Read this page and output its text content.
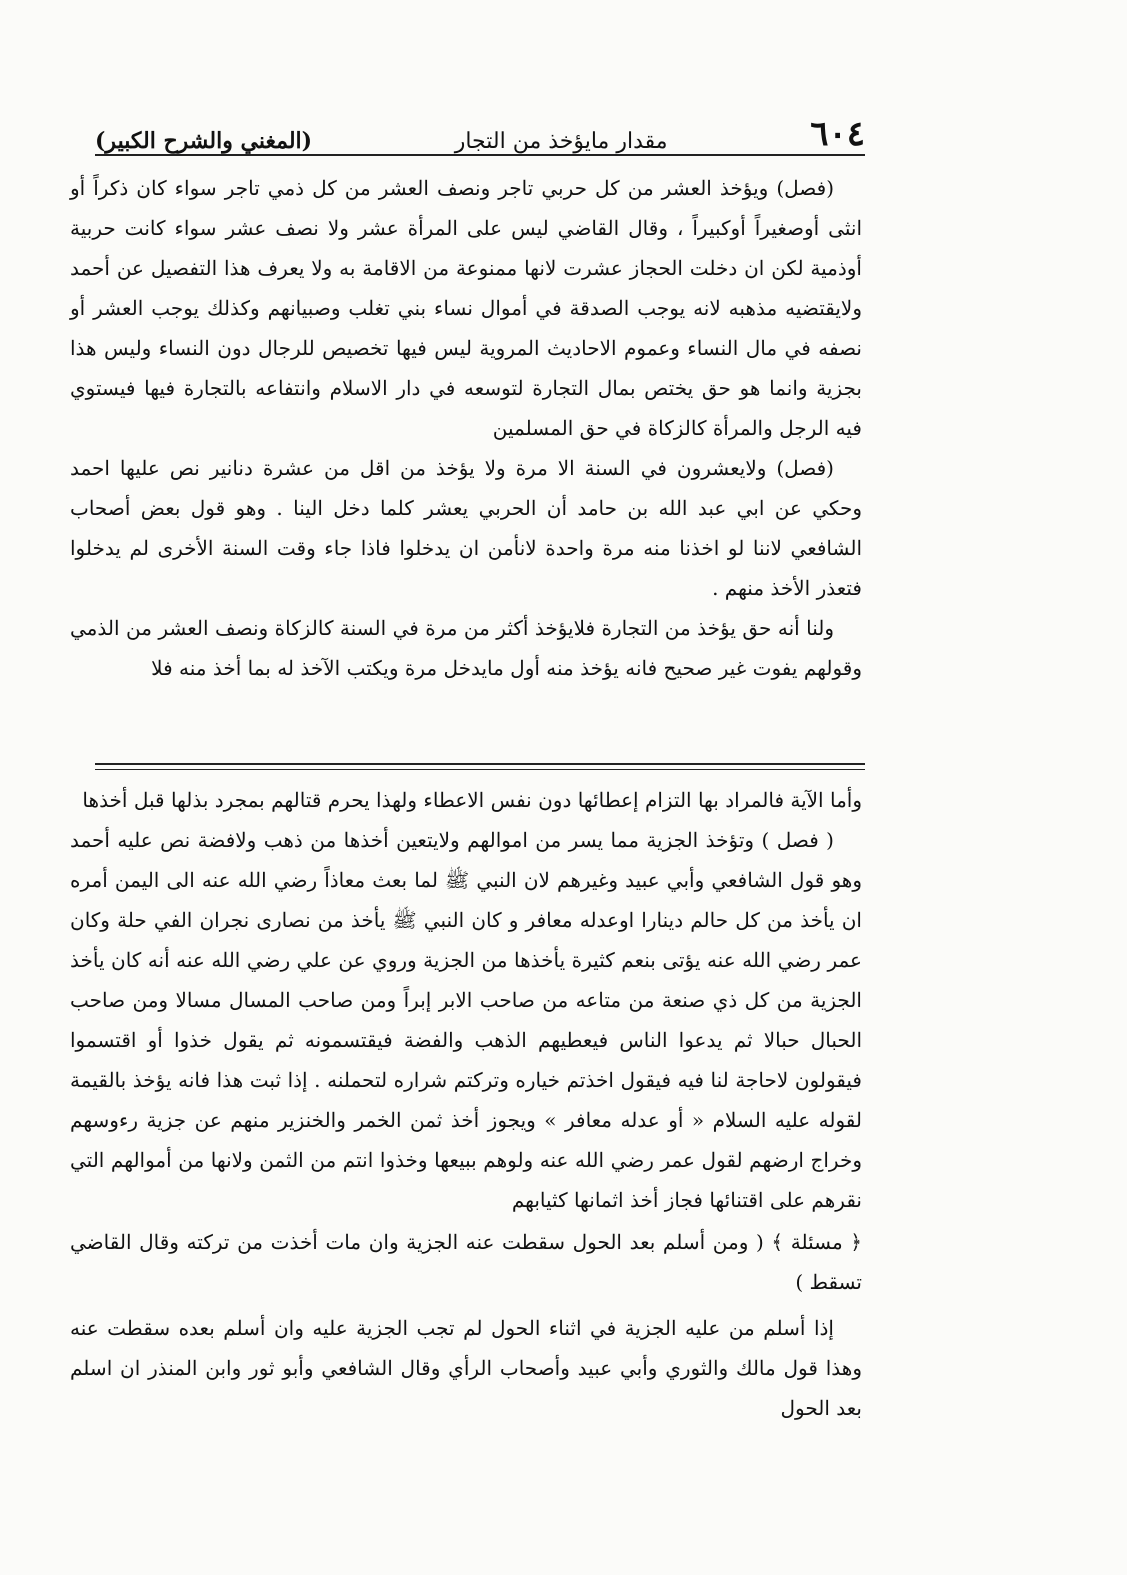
٦٠٤
مقدار مايؤخذ من التجار
(المغني والشرح الكبير)

(فصل) ويؤخذ العشر من كل حربي تاجر ونصف العشر من كل ذمي تاجر سواء كان ذكراً أو انثى أوصغيراً أوكبيراً ، وقال القاضي ليس على المرأة عشر ولا نصف عشر سواء كانت حربية أوذمية لكن ان دخلت الحجاز عشرت لانها ممنوعة من الاقامة به ولا يعرف هذا التفصيل عن أحمد ولايقتضيه مذهبه لانه يوجب الصدقة في أموال نساء بني تغلب وصبيانهم وكذلك يوجب العشر أو نصفه في مال النساء وعموم الاحاديث المروية ليس فيها تخصيص للرجال دون النساء وليس هذا بجزية وانما هو حق يختص بمال التجارة لتوسعه في دار الاسلام وانتفاعه بالتجارة فيها فيستوي فيه الرجل والمرأة كالزكاة في حق المسلمين

(فصل) ولايعشرون في السنة الا مرة ولا يؤخذ من اقل من عشرة دنانير نص عليها احمد وحكي عن ابي عبد الله بن حامد أن الحربي يعشر كلما دخل الينا . وهو قول بعض أصحاب الشافعي لاننا لو اخذنا منه مرة واحدة لانأمن ان يدخلوا فاذا جاء وقت السنة الأخرى لم يدخلوا فتعذر الأخذ منهم .

ولنا أنه حق يؤخذ من التجارة فلايؤخذ أكثر من مرة في السنة كالزكاة ونصف العشر من الذمي وقولهم يفوت غير صحيح فانه يؤخذ منه أول مايدخل مرة ويكتب الآخذ له بما أخذ منه فلا

وأما الآية فالمراد بها التزام إعطائها دون نفس الاعطاء ولهذا يحرم قتالهم بمجرد بذلها قبل أخذها

( فصل ) وتؤخذ الجزية مما يسر من اموالهم ولايتعين أخذها من ذهب ولافضة نص عليه أحمد وهو قول الشافعي وأبي عبيد وغيرهم لان النبي ﷺ لما بعث معاذاً رضي الله عنه الى اليمن أمره ان يأخذ من كل حالم دينارا اوعدله معافر و كان النبي ﷺ يأخذ من نصارى نجران الفي حلة وكان عمر رضي الله عنه يؤتى بنعم كثيرة يأخذها من الجزية وروي عن علي رضي الله عنه أنه كان يأخذ الجزية من كل ذي صنعة من متاعه من صاحب الابر إبراً ومن صاحب المسال مسالا ومن صاحب الحبال حبالا ثم يدعوا الناس فيعطيهم الذهب والفضة فيقتسمونه ثم يقول خذوا أو اقتسموا فيقولون لاحاجة لنا فيه فيقول اخذتم خياره وتركتم شراره لتحملنه . إذا ثبت هذا فانه يؤخذ بالقيمة لقوله عليه السلام « أو عدله معافر » ويجوز أخذ ثمن الخمر والخنزير منهم عن جزية رءوسهم وخراج ارضهم لقول عمر رضي الله عنه ولوهم ببيعها وخذوا انتم من الثمن ولانها من أموالهم التي نقرهم على اقتنائها فجاز أخذ اثمانها كثيابهم

﴿ مسئلة ﴾ ( ومن أسلم بعد الحول سقطت عنه الجزية وان مات أخذت من تركته وقال القاضي تسقط )

إذا أسلم من عليه الجزية في اثناء الحول لم تجب الجزية عليه وان أسلم بعده سقطت عنه وهذا قول مالك والثوري وأبي عبيد وأصحاب الرأي وقال الشافعي وأبو ثور وابن المنذر ان اسلم بعد الحول
